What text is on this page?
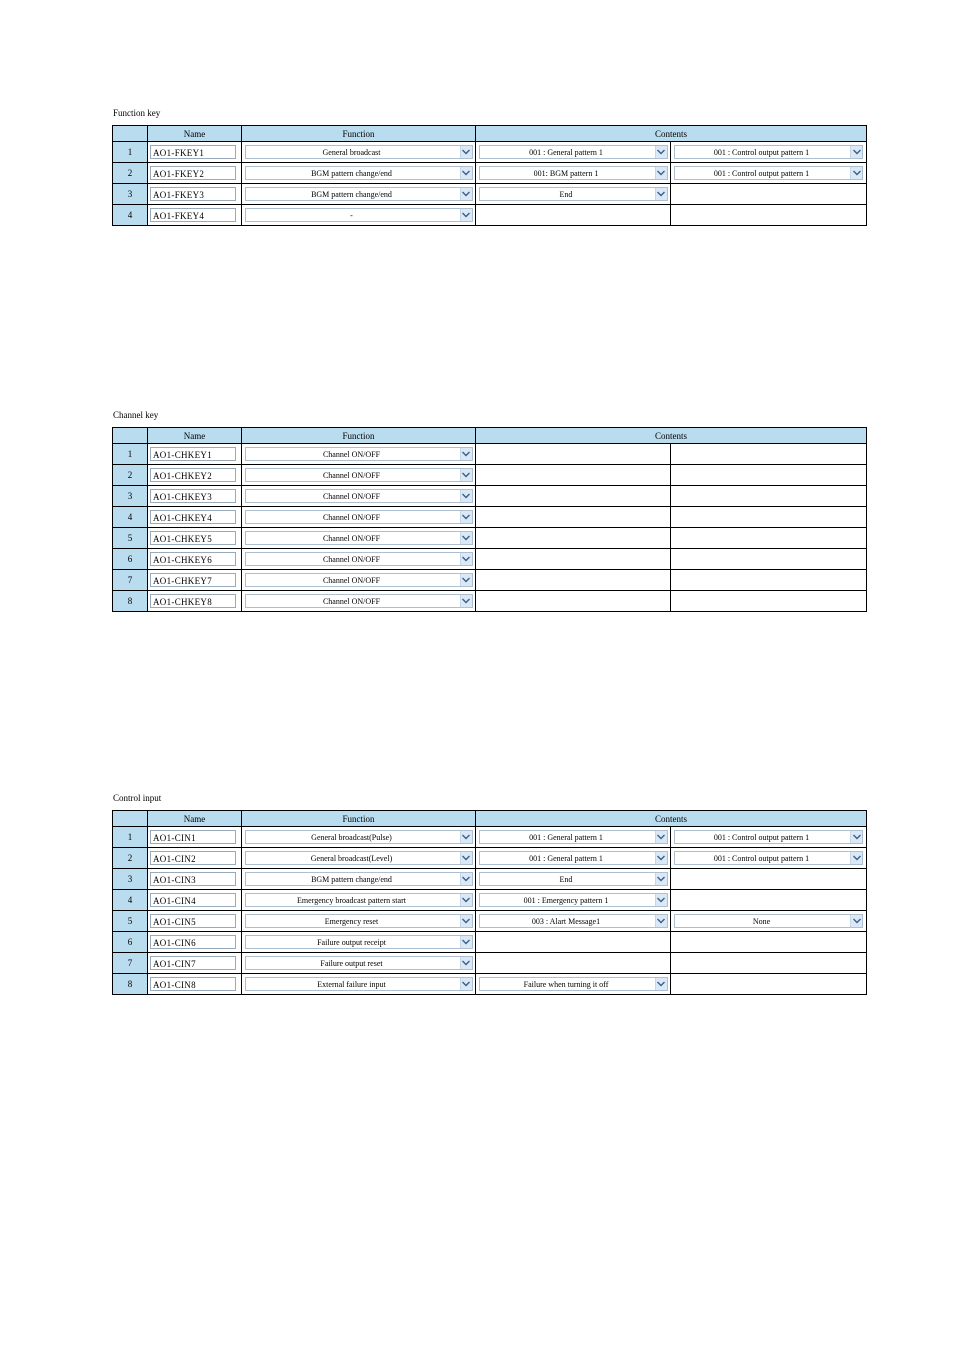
Function key
	Name	Function	Contents	
1	AO1-FKEY1	General broadcast	001 : General pattern 1	001 : Control output pattern 1

2	AO1-FKEY2	BGM pattern change/end	001: BGM pattern 1	001 : Control output pattern 1

3	AO1-FKEY3	BGM pattern change/end	End	

4	AO1-FKEY4	-		

Channel key
	Name	Function	Contents	
1	AO1-CHKEY1	Channel ON/OFF		

2	AO1-CHKEY2	Channel ON/OFF		

3	AO1-CHKEY3	Channel ON/OFF		

4	AO1-CHKEY4	Channel ON/OFF		

5	AO1-CHKEY5	Channel ON/OFF		

6	AO1-CHKEY6	Channel ON/OFF		

7	AO1-CHKEY7	Channel ON/OFF		

8	AO1-CHKEY8	Channel ON/OFF		

Control input
	Name	Function	Contents	
1	AO1-CIN1	General broadcast(Pulse)	001 : General pattern 1	001 : Control output pattern 1

2	AO1-CIN2	General broadcast(Level)	001 : General pattern 1	001 : Control output pattern 1

3	AO1-CIN3	BGM pattern change/end	End	

4	AO1-CIN4	Emergency broadcast pattern start	001 : Emergency pattern 1	

5	AO1-CIN5	Emergency reset	003 : Alart Message1	None

6	AO1-CIN6	Failure output receipt		

7	AO1-CIN7	Failure output reset		

8	AO1-CIN8	External failure input	Failure when turning it off	
